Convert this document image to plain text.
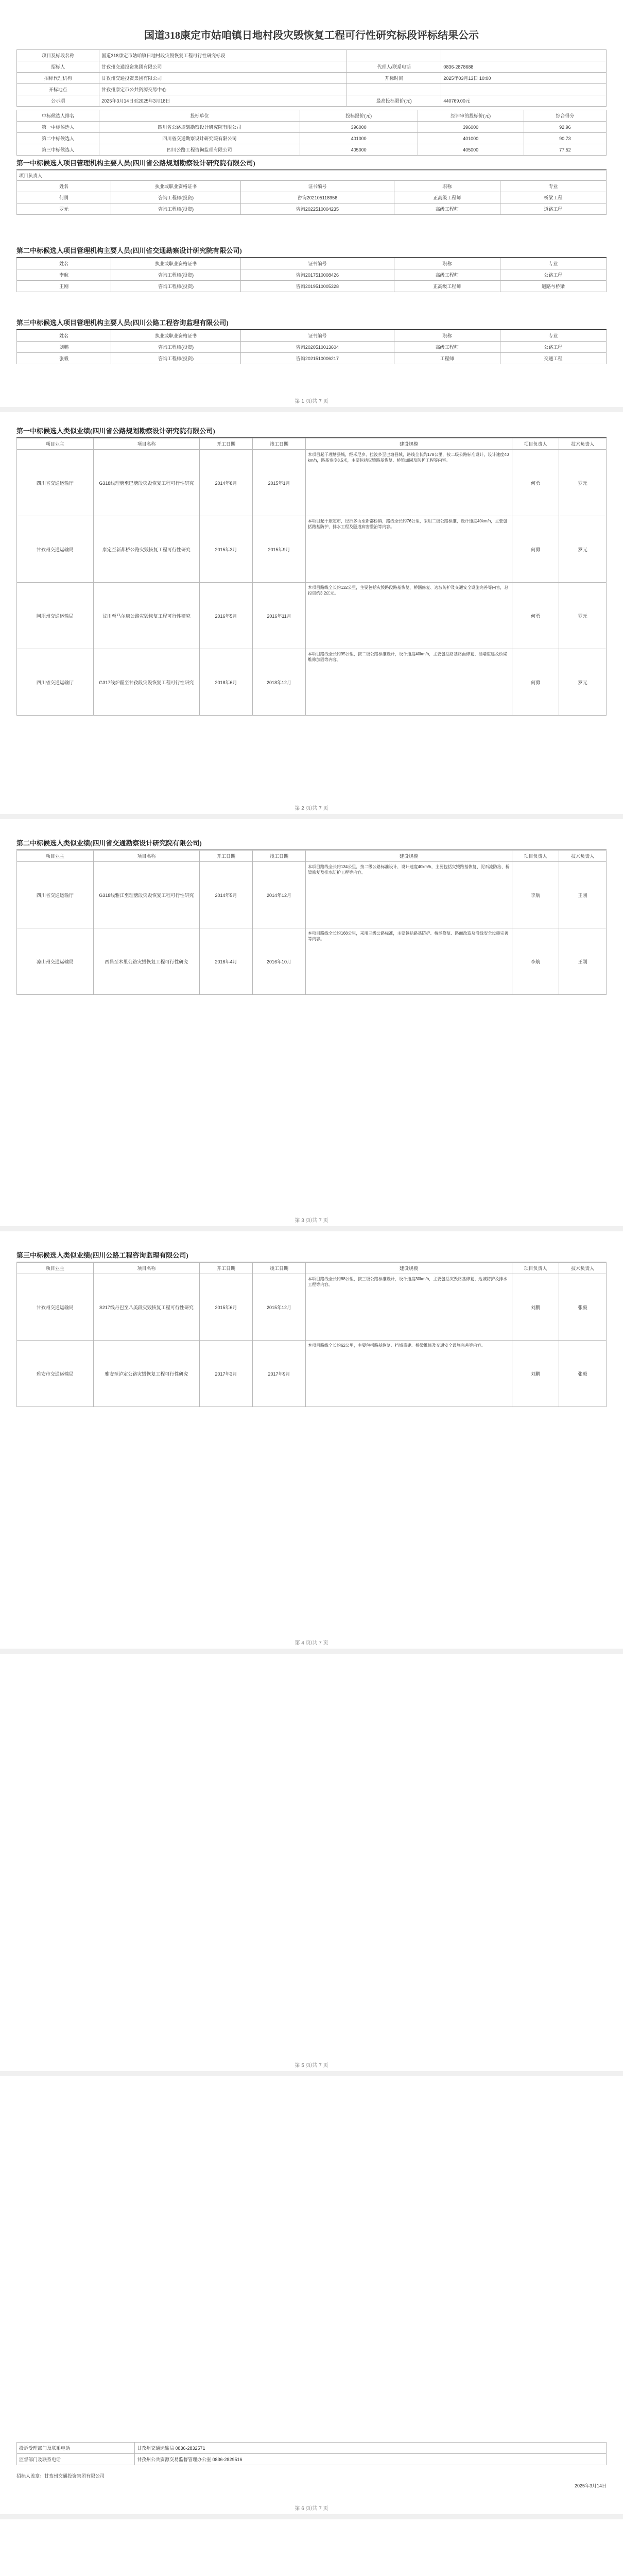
国道318康定市姑咱镇日地村段灾毁恢复工程可行性研究标段评标结果公示
项目及标段名称	国道318康定市姑咱镇日地村段灾毁恢复工程可行性研究标段		
招标人	甘孜州交通投资集团有限公司	代理人/联系电话	0836-2878688
招标代理机构	甘孜州交通投资集团有限公司	开标时间	2025年03月13日 10:00
开标地点	甘孜州康定市公共资源交易中心		
公示期	2025年3月14日至2025年3月18日	最高投标限价(元)	440769.00元
中标候选人排名	投标单位	投标报价(元)	经评审的投标价(元)	综合得分
第一中标候选人	四川省公路规划勘察设计研究院有限公司	396000	396000	92.96
第二中标候选人	四川省交通勘察设计研究院有限公司	401000	401000	90.73
第三中标候选人	四川公路工程咨询监理有限公司	405000	405000	77.52
第一中标候选人项目管理机构主要人员(四川省公路规划勘察设计研究院有限公司)
项目负责人
姓名	执业或职业资格证书	证书编号	职称	专业
何勇	咨询工程师(投资)	咨询202105118956	正高级工程师	桥梁工程
罗元	咨询工程师(投资)	咨询2022510004235	高级工程师	道路工程
第二中标候选人项目管理机构主要人员(四川省交通勘察设计研究院有限公司)
姓名	执业或职业资格证书	证书编号	职称	专业
李航	咨询工程师(投资)	咨询2017510008426	高级工程师	公路工程
王刚	咨询工程师(投资)	咨询2019510005328	正高级工程师	道路与桥梁
第三中标候选人项目管理机构主要人员(四川公路工程咨询监理有限公司)
姓名	执业或职业资格证书	证书编号	职称	专业
刘鹏	咨询工程师(投资)	咨询2020510013604	高级工程师	公路工程
张毅	咨询工程师(投资)	咨询2021510006217	工程师	交通工程
第 1 页/共 7 页
第一中标候选人类似业绩(四川省公路规划勘察设计研究院有限公司)
项目业主	项目名称	开工日期	竣工日期	建设规模	项目负责人	技术负责人
四川省交通运输厅	G318线理塘至巴塘段灾毁恢复工程可行性研究	2014年8月	2015年1月	本项目起于理塘县城，经禾尼乡、拉波乡至巴塘县城，路线全长约178公里，按二级公路标准设计，设计速度40km/h，路基宽度8.5米，主要包括灾毁路基恢复、桥梁加固及防护工程等内容。	何勇	罗元
甘孜州交通运输局	康定至新都桥公路灾毁恢复工程可行性研究	2015年3月	2015年9月	本项目起于康定市，经折多山至新都桥镇，路线全长约76公里，采用二级公路标准，设计速度40km/h，主要包括路基防护、排水工程及隧道病害整治等内容。	何勇	罗元
阿坝州交通运输局	汶川至马尔康公路灾毁恢复工程可行性研究	2016年5月	2016年11月	本项目路线全长约132公里，主要包括灾毁路段路基恢复、桥涵修复、边坡防护及交通安全设施完善等内容，总投资约3.2亿元。	何勇	罗元
四川省交通运输厅	G317线炉霍至甘孜段灾毁恢复工程可行性研究	2018年6月	2018年12月	本项目路线全长约95公里，按二级公路标准设计，设计速度40km/h，主要包括路基路面修复、挡墙重建及桥梁维修加固等内容。	何勇	罗元
第 2 页/共 7 页
第二中标候选人类似业绩(四川省交通勘察设计研究院有限公司)
项目业主	项目名称	开工日期	竣工日期	建设规模	项目负责人	技术负责人
四川省交通运输厅	G318线雅江至理塘段灾毁恢复工程可行性研究	2014年5月	2014年12月	本项目路线全长约134公里，按二级公路标准设计，设计速度40km/h，主要包括灾毁路基恢复、泥石流防治、桥梁修复及排水防护工程等内容。	李航	王刚
凉山州交通运输局	西昌至木里公路灾毁恢复工程可行性研究	2016年4月	2016年10月	本项目路线全长约168公里，采用三级公路标准，主要包括路基防护、桥涵修复、路面改造及沿线安全设施完善等内容。	李航	王刚
第 3 页/共 7 页
第三中标候选人类似业绩(四川公路工程咨询监理有限公司)
项目业主	项目名称	开工日期	竣工日期	建设规模	项目负责人	技术负责人
甘孜州交通运输局	S217线丹巴至八美段灾毁恢复工程可行性研究	2015年6月	2015年12月	本项目路线全长约88公里，按三级公路标准设计，设计速度30km/h，主要包括灾毁路基修复、边坡防护及排水工程等内容。	刘鹏	张毅
雅安市交通运输局	雅安至泸定公路灾毁恢复工程可行性研究	2017年3月	2017年9月	本项目路线全长约62公里，主要包括路基恢复、挡墙重建、桥梁维修及交通安全设施完善等内容。	刘鹏	张毅
第 4 页/共 7 页
第 5 页/共 7 页
投诉受理部门及联系电话	甘孜州交通运输局 0836-2832571
监督部门及联系电话	甘孜州公共资源交易监督管理办公室 0836-2829516
招标人盖章：甘孜州交通投资集团有限公司
2025年3月14日
第 6 页/共 7 页
